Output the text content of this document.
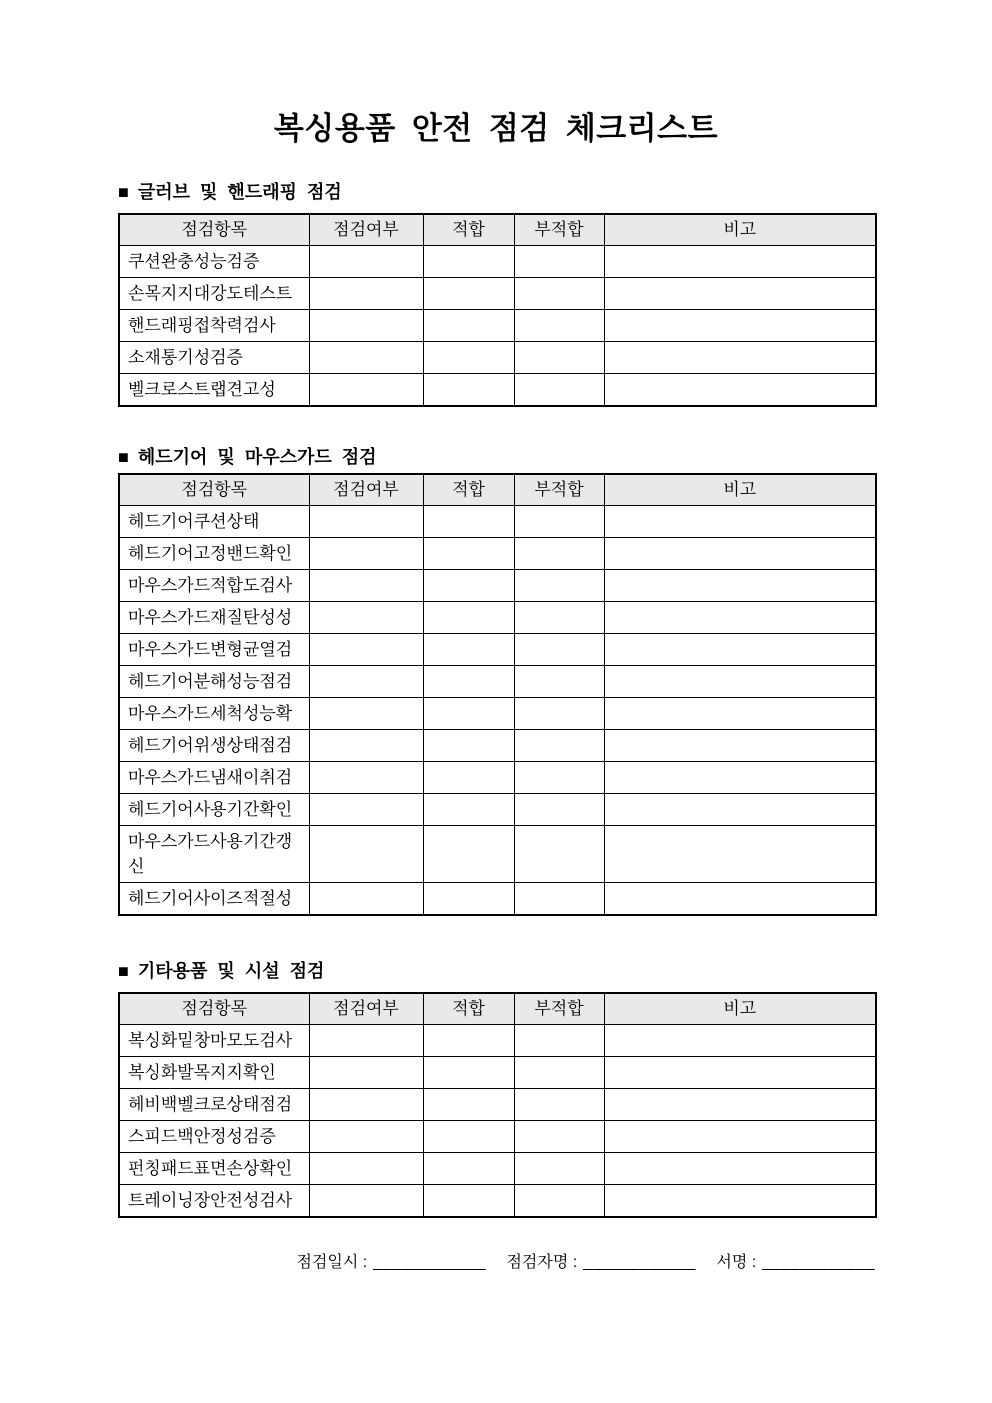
복싱용품 안전 점검 체크리스트
■ 글러브 및 핸드래핑 점검
점검항목	점검여부	적합	부적합	비고
쿠션완충성능검증				
손목지지대강도테스트				
핸드래핑접착력검사				
소재통기성검증				
벨크로스트랩견고성				
■ 헤드기어 및 마우스가드 점검
점검항목	점검여부	적합	부적합	비고
헤드기어쿠션상태				
헤드기어고정밴드확인				
마우스가드적합도검사				
마우스가드재질탄성성				
마우스가드변형균열검				
헤드기어분해성능점검				
마우스가드세척성능확				
헤드기어위생상태점검				
마우스가드냄새이취검				
헤드기어사용기간확인				
마우스가드사용기간갱신				
헤드기어사이즈적절성				
■ 기타용품 및 시설 점검
점검항목	점검여부	적합	부적합	비고
복싱화밑창마모도검사				
복싱화발목지지확인				
헤비백벨크로상태점검				
스피드백안정성검증				
펀칭패드표면손상확인				
트레이닝장안전성검사				
점검일시 : ____________ 점검자명 : ____________ 서명 : ____________
